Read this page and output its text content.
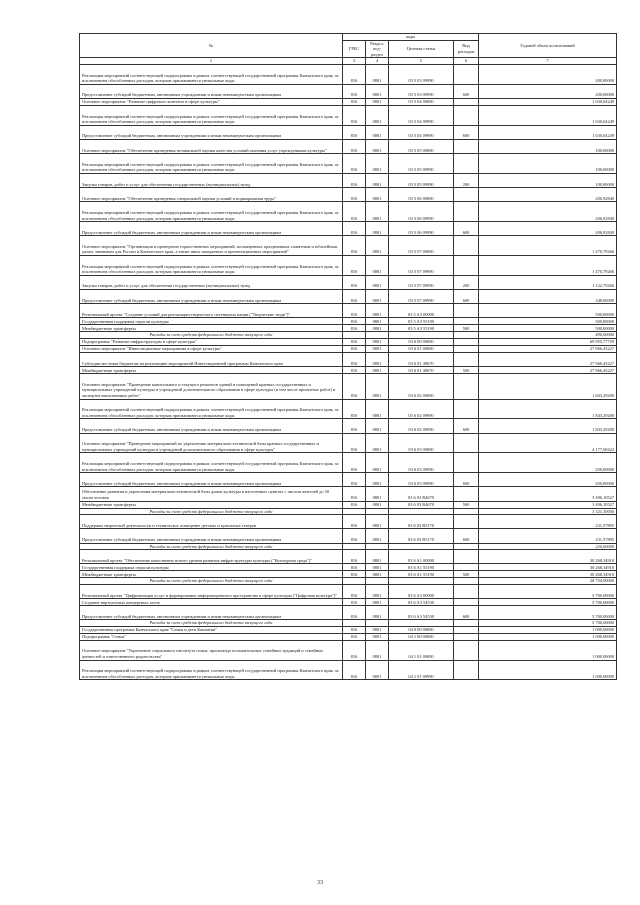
№	коды				Годовой объем ассигнований
	ГРБС	Раздел, под-раздел	Целевая статья	Вид расходов	
1	3	4	5	6	7
Реализация мероприятий соответствующей подпрограммы в рамках соответствующей государственной программы Камчатского края, за исключением обособленных расходов, которым присваиваются уникальные коды	816	0801	03 5 03 09990		200,00000
Предоставление субсидий бюджетным, автономным учреждениям и иным некоммерческим организациям	816	0801	03 5 03 09990	600	200,00000
Основное мероприятие "Развитие цифрового контента в сфере культуры"	816	0801	03 5 04 00000		1 630,64249
Реализация мероприятий соответствующей подпрограммы в рамках соответствующей государственной программы Камчатского края, за исключением обособленных расходов, которым присваиваются уникальные коды	816	0801	03 5 04 09990		1 630,64249
Предоставление субсидий бюджетным, автономным учреждениям и иным некоммерческим организациям	816	0801	03 5 04 09990	600	1 630,64249
Основное мероприятие "Обеспечение проведения независимой оценки качества условий оказания услуг учреждениями культуры"	816	0801	03 5 05 00000		100,00000
Реализация мероприятий соответствующей подпрограммы в рамках соответствующей государственной программы Камчатского края, за исключением обособленных расходов, которым присваиваются уникальные коды	816	0801	03 5 05 09990		100,00000
Закупка товаров, работ и услуг для обеспечения государственных (муниципальных) нужд	816	0801	03 5 05 09990	200	100,00000
Основное мероприятие "Обеспечение проведения специальной оценки условий и нормирования труда"	816	0801	03 5 06 00000		206,92840
Реализация мероприятий соответствующей подпрограммы в рамках соответствующей государственной программы Камчатского края, за исключением обособленных расходов, которым присваиваются уникальные коды	816	0801	03 5 06 09990		206,92840
Предоставление субсидий бюджетным, автономным учреждениям и иным некоммерческим организациям	816	0801	03 5 06 09990	600	206,92840
Основное мероприятие "Организация и проведение торжественных мероприятий, посвященных праздничным, памятным и юбилейным датам, значимым для России и Камчатского края, а также иных имиджевых и презентационных мероприятий"	816	0801	03 5 07 00000		1 470,79266
Реализация мероприятий соответствующей подпрограммы в рамках соответствующей государственной программы Камчатского края, за исключением обособленных расходов, которым присваиваются уникальные коды	816	0801	03 5 07 09990		1 470,79266
Закупка товаров, работ и услуг для обеспечения государственных (муниципальных) нужд	816	0801	03 5 07 09990	200	1 122,79266
Предоставление субсидий бюджетным, автономным учреждениям и иным некоммерческим организациям	816	0801	03 5 07 09990	600	348,00000
Региональный проект "Создание условий для реализации творческого потенциала нации ("Творческие люди")"	816	0801	03 5 A3 00000		500,00000
Государственная поддержка отрасли культуры	816	0801	03 5 A3 55190		500,00000
Межбюджетные трансферты	816	0801	03 5 A3 55190	500	500,00000
Расходы за счет средств федерального бюджета текущего года					490,00000
Подпрограмма "Развитие инфраструктуры в сфере культуры"	816	0801	03 6 00 00000		69 955,77759
Основное мероприятие "Инвестиционные мероприятия в сфере культуры"	816	0801	03 6 01 00000		27 966,45227
Субсидии местным бюджетам на реализацию мероприятий Инвестиционной программы Камчатского края	816	0801	03 6 01 40670		27 966,45227
Межбюджетные трансферты	816	0801	03 6 01 40670	500	27 966,45227
Основное мероприятие "Проведение капитального и текущего ремонтов зданий и помещений краевых государственных и муниципальных учреждений культуры и учреждений дополнительного образования в сфере культуры (в том числе проектных работ) и экспертиз выполненных работ"	816	0801	03 6 02 00000		1 843,29200
Реализация мероприятий соответствующей подпрограммы в рамках соответствующей государственной программы Камчатского края, за исключением обособленных расходов, которым присваиваются уникальные коды	816	0801	03 6 02 09990		1 843,29200
Предоставление субсидий бюджетным, автономным учреждениям и иным некоммерческим организациям	816	0801	03 6 02 09990	600	1 843,29200
Основное мероприятие "Проведение мероприятий по укреплению материально-технической базы краевых государственных и муниципальных учреждений культуры и учреждений дополнительного образования в сфере культуры"	816	0801	03 6 03 00000		4 177,68422
Реализация мероприятий соответствующей подпрограммы в рамках соответствующей государственной программы Камчатского края, за исключением обособленных расходов, которым присваиваются уникальные коды	816	0801	03 6 03 09990		450,00000
Предоставление субсидий бюджетным, автономным учреждениям и иным некоммерческим организациям	816	0801	03 6 03 09990	600	450,00000
Обеспечение развития и укрепления материально-технической базы домов культуры в населенных пунктах с числом жителей до 50 тысяч человек	816	0801	03 6 03 R4670		3 496,10527
Межбюджетные трансферты	816	0801	03 6 03 R4670	500	3 496,10527
Расходы за счет средств федерального бюджета текущего года					3 321,30000
Поддержка творческой деятельности и техническое оснащение детских и кукольных театров	816	0801	03 6 03 R5170		231,57895
Предоставление субсидий бюджетным, автономным учреждениям и иным некоммерческим организациям	816	0801	03 6 03 R5170	600	231,57895
Расходы за счет средств федерального бюджета текущего года					220,00000
Региональный проект "Обеспечение качественно нового уровня развития инфраструктуры культуры ("Культурная среда")"	816	0801	03 6 A1 00000		30 268,34910
Государственная поддержка отрасли культуры	816	0801	03 6 A1 55190		30 268,34910
Межбюджетные трансферты	816	0801	03 6 A1 55190	500	30 268,34910
Расходы за счет средств федерального бюджета текущего года					28 754,90000
Региональный проект "Цифровизация услуг и формирование информационного пространства в сфере культуры ("Цифровая культура")"	816	0801	03 6 A3 00000		5 700,00000
Создание виртуальных концертных залов	816	0801	03 6 A3 54530		5 700,00000
Предоставление субсидий бюджетным, автономным учреждениям и иным некоммерческим организациям	816	0801	03 6 A3 54530	600	5 700,00000
Расходы за счет средств федерального бюджета текущего года					5 700,00000
Государственная программа Камчатского края "Семья и дети Камчатки"	816	0801	04 0 00 00000		1 000,00000
Подпрограмма "Семья"	816	0801	04 1 00 00000		1 000,00000
Основное мероприятие "Укрепление социального института семьи, пропаганда положительных семейных традиций и семейных ценностей и ответственного родительства"	816	0801	04 1 01 00000		1 000,00000
Реализация мероприятий соответствующей подпрограммы в рамках соответствующей государственной программы Камчатского края, за исключением обособленных расходов, которым присваиваются уникальные коды	816	0801	04 1 01 09990		1 000,00000
33
